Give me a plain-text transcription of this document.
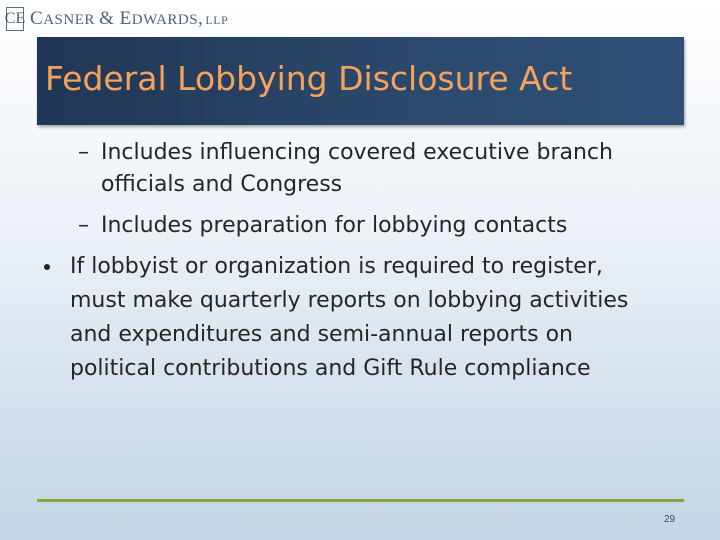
CE CASNER & EDWARDS, LLP
Federal Lobbying Disclosure Act
– Includes influencing covered executive branch
officials and Congress
– Includes preparation for lobbying contacts
If lobbyist or organization is required to register,
must make quarterly reports on lobbying activities
and expenditures and semi-annual reports on
political contributions and Gift Rule compliance
29
